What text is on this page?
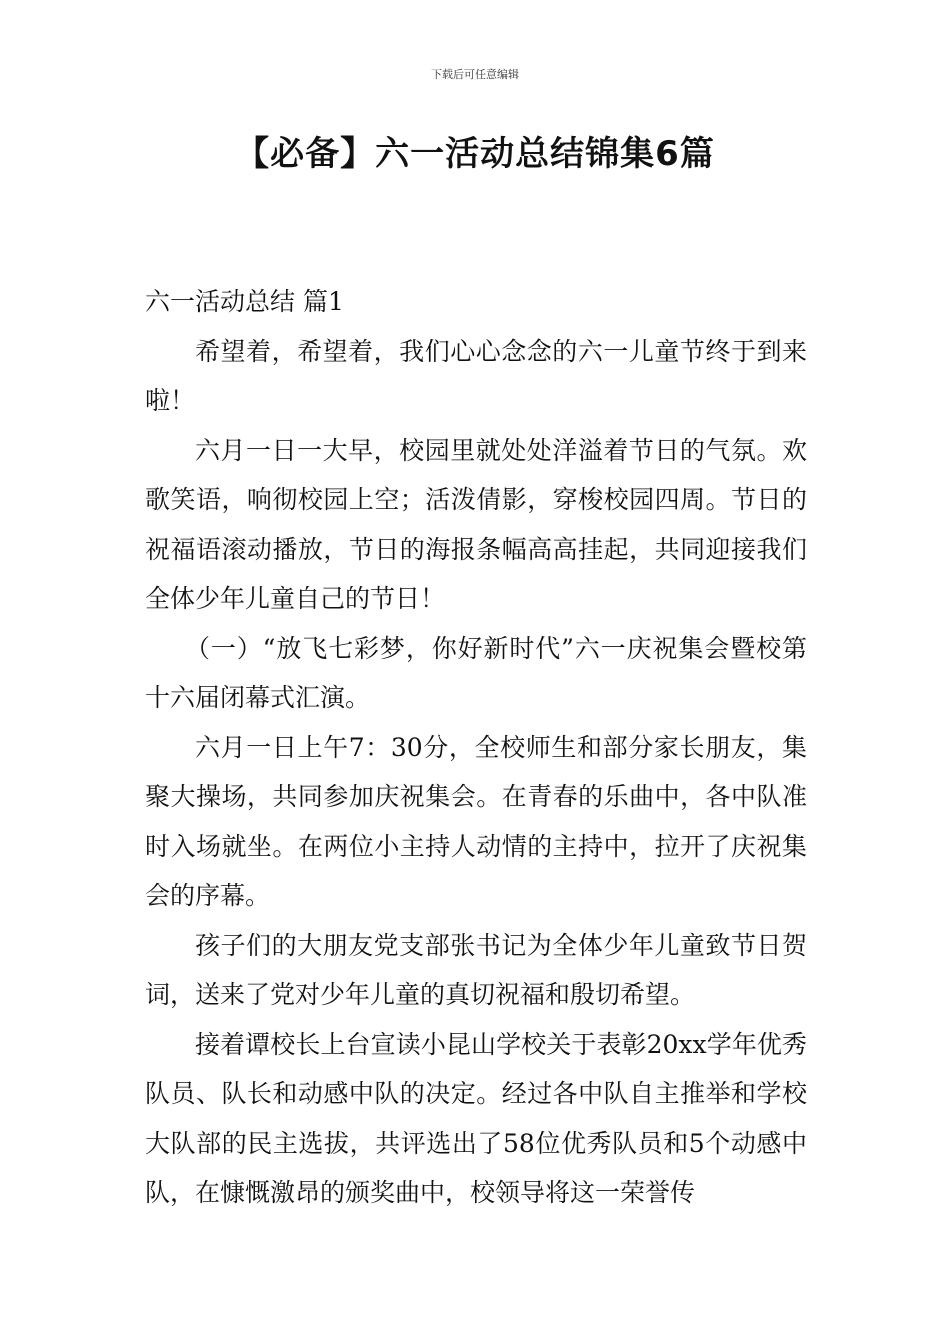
下载后可任意编辑
【必备】六一活动总结锦集6篇

六一活动总结 篇1

希望着，希望着，我们心心念念的六一儿童节终于到来啦！

六月一日一大早，校园里就处处洋溢着节日的气氛。欢歌笑语，响彻校园上空；活泼倩影，穿梭校园四周。节日的祝福语滚动播放，节日的海报条幅高高挂起，共同迎接我们全体少年儿童自己的节日！

（一）“放飞七彩梦，你好新时代”六一庆祝集会暨校第十六届闭幕式汇演。

六月一日上午7：30分，全校师生和部分家长朋友，集聚大操场，共同参加庆祝集会。在青春的乐曲中，各中队准时入场就坐。在两位小主持人动情的主持中，拉开了庆祝集会的序幕。

孩子们的大朋友党支部张书记为全体少年儿童致节日贺词，送来了党对少年儿童的真切祝福和殷切希望。

接着谭校长上台宣读小昆山学校关于表彰20xx学年优秀队员、队长和动感中队的决定。经过各中队自主推举和学校大队部的民主选拔，共评选出了58位优秀队员和5个动感中队，在慷慨激昂的颁奖曲中，校领导将这一荣誉传
